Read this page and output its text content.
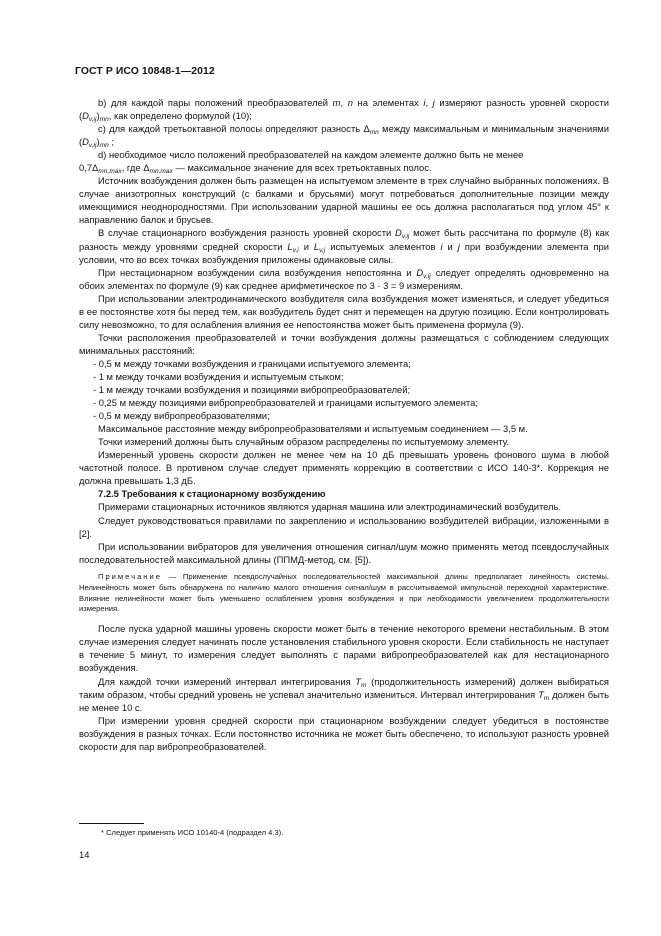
ГОСТ Р ИСО 10848-1—2012

b) для каждой пары положений преобразователей m, n на элементах i, j измеряют разность уровней скорости $(D_{v,ij})_{mn}$, как определено формулой (10);

c) для каждой третьоктавной полосы определяют разность $\Delta_{mn}$ между максимальным и минимальным значениями $(D_{v,ij})_{mn}$ ;

d) необходимое число положений преобразователей на каждом элементе должно быть не менее

$0,7\Delta_{mn,max}$, где $\Delta_{mn,max}$ — максимальное значение для всех третьоктавных полос.

Источник возбуждения должен быть размещен на испытуемом элементе в трех случайно выбранных положениях. В случае анизотропных конструкций (с балками и брусьями) могут потребоваться дополнительные позиции между имеющимися неоднородностями. При использовании ударной машины ее ось должна располагаться под углом 45° к направлению балок и брусьев.

В случае стационарного возбуждения разность уровней скорости $D_{v,ij}$ может быть рассчитана по формуле (8) как разность между уровнями средней скорости $L_{v,i}$ и $L_{v,j}$ испытуемых элементов i и j при возбуждении элемента при условии, что во всех точках возбуждения приложены одинаковые силы.

При нестационарном возбуждении сила возбуждения непостоянна и $D_{v,ij}$ следует определять одновременно на обоих элементах по формуле (9) как среднее арифметическое по 3 · 3 = 9 измерениям.

При использовании электродинамического возбудителя сила возбуждения может изменяться, и следует убедиться в ее постоянстве хотя бы перед тем, как возбудитель будет снят и перемещен на другую позицию. Если контролировать силу невозможно, то для ослабления влияния ее непостоянства может быть применена формула (9).

Точки расположения преобразователей и точки возбуждения должны размещаться с соблюдением следующих минимальных расстояний:

- 0,5 м между точками возбуждения и границами испытуемого элемента;

- 1 м между точками возбуждения и испытуемым стыком;

- 1 м между точками возбуждения и позициями вибропреобразователей;

- 0,25 м между позициями вибропреобразователей и границами испытуемого элемента;

- 0,5 м между вибропреобразователями;

Максимальное расстояние между вибропреобразователями и испытуемым соединением — 3,5 м.

Точки измерений должны быть случайным образом распределены по испытуемому элементу.

Измеренный уровень скорости должен не менее чем на 10 дБ превышать уровень фонового шума в любой частотной полосе. В противном случае следует применять коррекцию в соответствии с ИСО 140-3*. Коррекция не должна превышать 1,3 дБ.

7.2.5 Требования к стационарному возбуждению

Примерами стационарных источников являются ударная машина или электродинамический возбудитель.

Следует руководствоваться правилами по закреплению и использованию возбудителей вибрации, изложенными в [2].

При использовании вибраторов для увеличения отношения сигнал/шум можно применять метод псевдослучайных последовательностей максимальной длины (ППМД-метод, см. [5]).

Примечание — Применение псевдослучайных последовательностей максимальной длины предполагает линейность системы. Нелинейность может быть обнаружена по наличию малого отношения сигнал/шум в рассчитываемой импульсной переходной характеристике. Влияние нелинейности может быть уменьшено ослаблением уровня возбуждения и при необходимости увеличением продолжительности измерения.

После пуска ударной машины уровень скорости может быть в течение некоторого времени нестабильным. В этом случае измерения следует начинать после установления стабильного уровня скорости. Если стабильность не наступает в течение 5 минут, то измерения следует выполнять с парами вибропреобразователей как для нестационарного возбуждения.

Для каждой точки измерений интервал интегрирования $T_m$ (продолжительность измерений) должен выбираться таким образом, чтобы средний уровень не успевал значительно измениться. Интервал интегрирования $T_m$ должен быть не менее 10 с.

При измерении уровня средней скорости при стационарном возбуждении следует убедиться в постоянстве возбуждения в разных точках. Если постоянство источника не может быть обеспечено, то используют разность уровней скорости для пар вибропреобразователей.

* Следует применять ИСО 10140-4 (подраздел 4.3).
14
